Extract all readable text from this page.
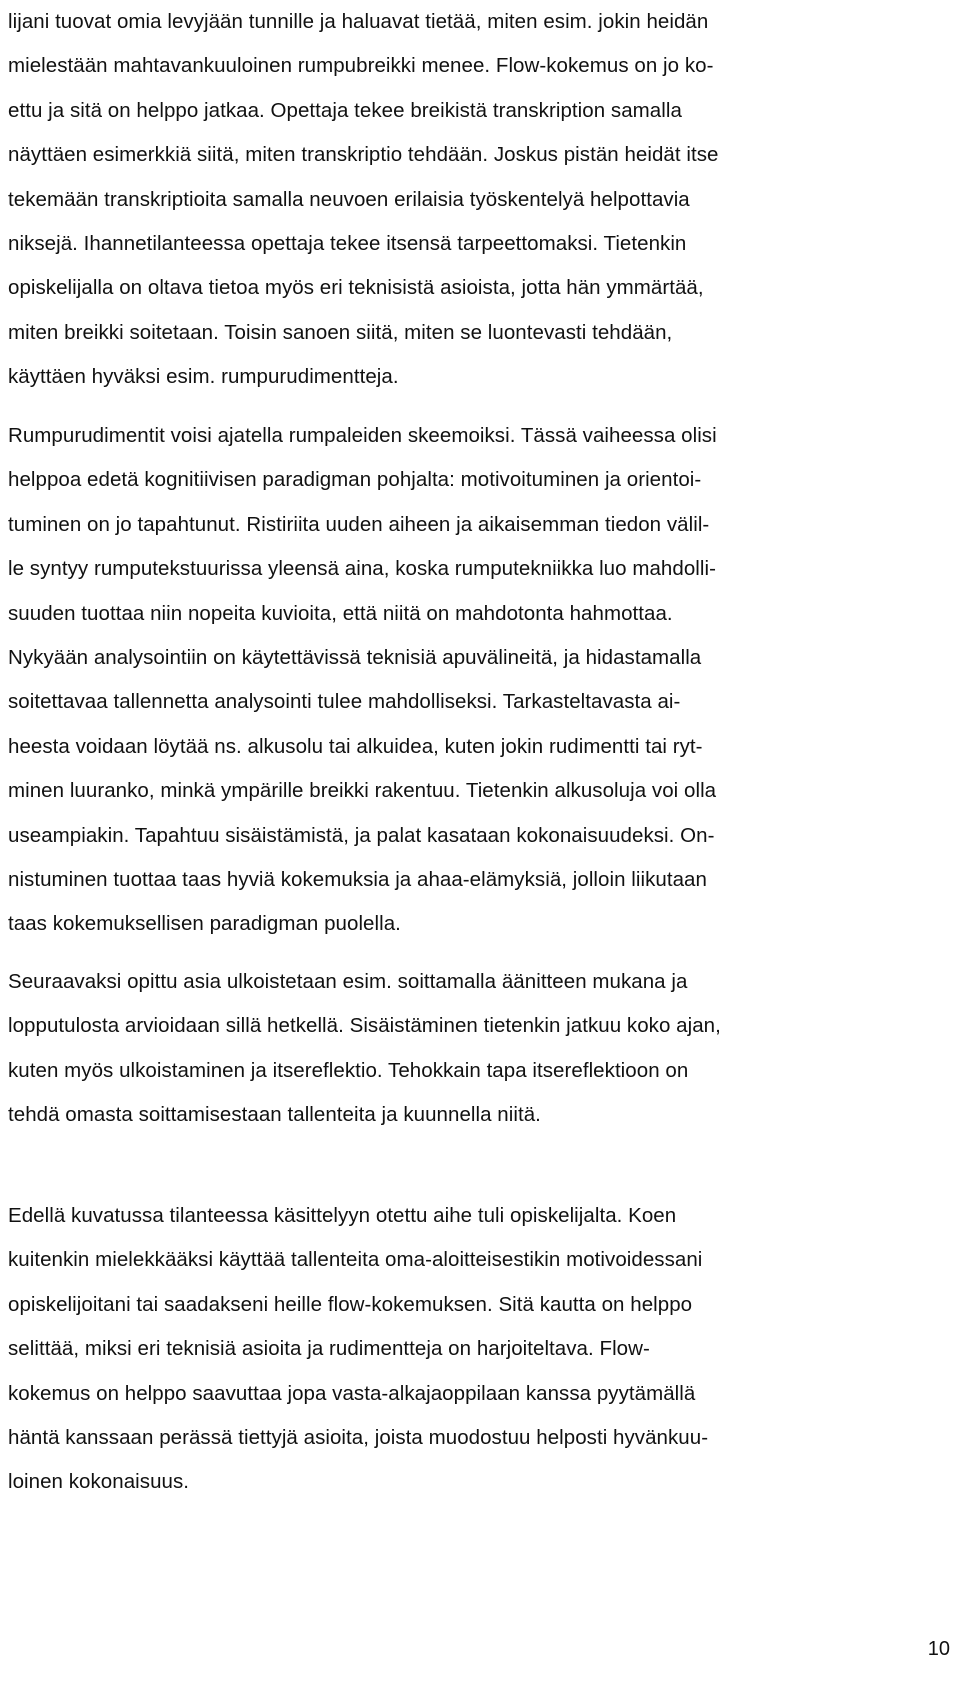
lijani tuovat omia levyjään tunnille ja haluavat tietää, miten esim. jokin heidän
mielestään mahtavankuuloinen rumpubreikki menee. Flow-kokemus on jo ko-
ettu ja sitä on helppo jatkaa. Opettaja tekee breikistä transkription samalla
näyttäen esimerkkiä siitä, miten transkriptio tehdään. Joskus pistän heidät itse
tekemään transkriptioita samalla neuvoen erilaisia työskentelyä helpottavia
niksejä. Ihannetilanteessa opettaja tekee itsensä tarpeettomaksi. Tietenkin
opiskelijalla on oltava tietoa myös eri teknisistä asioista, jotta hän ymmärtää,
miten breikki soitetaan. Toisin sanoen siitä, miten se luontevasti tehdään,
käyttäen hyväksi esim. rumpurudimentteja.
Rumpurudimentit voisi ajatella rumpaleiden skeemoiksi. Tässä vaiheessa olisi
helppoa edetä kognitiivisen paradigman pohjalta: motivoituminen ja orientoi-
tuminen on jo tapahtunut. Ristiriita uuden aiheen ja aikaisemman tiedon välil-
le syntyy rumputekstuurissa yleensä aina, koska rumputekniikka luo mahdolli-
suuden tuottaa niin nopeita kuvioita, että niitä on mahdotonta hahmottaa.
Nykyään analysointiin on käytettävissä teknisiä apuvälineitä, ja hidastamalla
soitettavaa tallennetta analysointi tulee mahdolliseksi. Tarkasteltavasta ai-
heesta voidaan löytää ns. alkusolu tai alkuidea, kuten jokin rudimentti tai ryt-
minen luuranko, minkä ympärille breikki rakentuu. Tietenkin alkusoluja voi olla
useampiakin. Tapahtuu sisäistämistä, ja palat kasataan kokonaisuudeksi. On-
nistuminen tuottaa taas hyviä kokemuksia ja ahaa-elämyksiä, jolloin liikutaan
taas kokemuksellisen paradigman puolella.
Seuraavaksi opittu asia ulkoistetaan esim. soittamalla äänitteen mukana ja
lopputulosta arvioidaan sillä hetkellä. Sisäistäminen tietenkin jatkuu koko ajan,
kuten myös ulkoistaminen ja itsereflektio. Tehokkain tapa itsereflektioon on
tehdä omasta soittamisestaan tallenteita ja kuunnella niitä.
Edellä kuvatussa tilanteessa käsittelyyn otettu aihe tuli opiskelijalta. Koen
kuitenkin mielekkääksi käyttää tallenteita oma-aloitteisestikin motivoidessani
opiskelijoitani tai saadakseni heille flow-kokemuksen. Sitä kautta on helppo
selittää, miksi eri teknisiä asioita ja rudimentteja on harjoiteltava. Flow-
kokemus on helppo saavuttaa jopa vasta-alkajaoppilaan kanssa pyytämällä
häntä kanssaan perässä tiettyjä asioita, joista muodostuu helposti hyvänkuu-
loinen kokonaisuus.
10
